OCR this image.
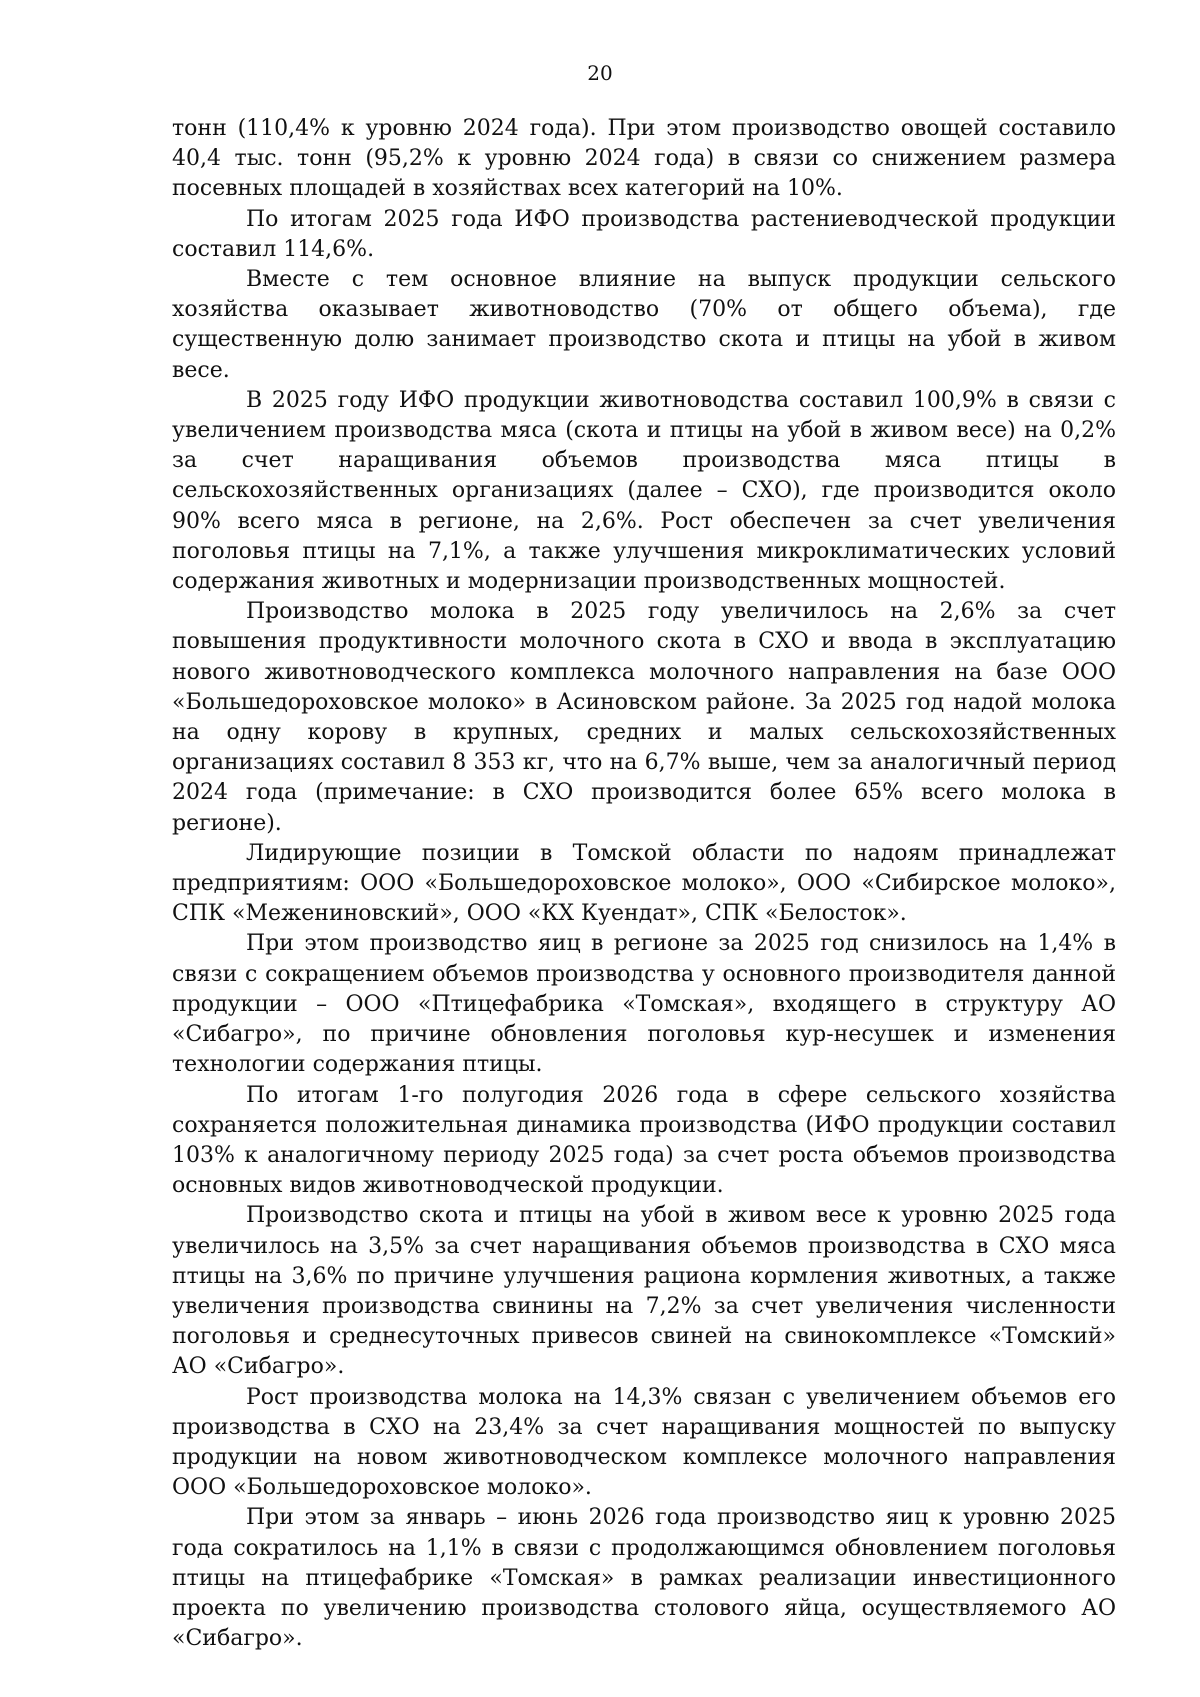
20

тонн (110,4% к уровню 2024 года). При этом производство овощей составило 40,4 тыс. тонн (95,2% к уровню 2024 года) в связи со снижением размера посевных площадей в хозяйствах всех категорий на 10%.

По итогам 2025 года ИФО производства растениеводческой продукции составил 114,6%.

Вместе с тем основное влияние на выпуск продукции сельского хозяйства оказывает животноводство (70% от общего объема), где существенную долю занимает производство скота и птицы на убой в живом весе.

В 2025 году ИФО продукции животноводства составил 100,9% в связи с увеличением производства мяса (скота и птицы на убой в живом весе) на 0,2% за счет наращивания объемов производства мяса птицы в сельскохозяйственных организациях (далее – СХО), где производится около 90% всего мяса в регионе, на 2,6%. Рост обеспечен за счет увеличения поголовья птицы на 7,1%, а также улучшения микроклиматических условий содержания животных и модернизации производственных мощностей.

Производство молока в 2025 году увеличилось на 2,6% за счет повышения продуктивности молочного скота в СХО и ввода в эксплуатацию нового животноводческого комплекса молочного направления на базе ООО «Большедороховское молоко» в Асиновском районе. За 2025 год надой молока на одну корову в крупных, средних и малых сельскохозяйственных организациях составил 8 353 кг, что на 6,7% выше, чем за аналогичный период 2024 года (примечание: в СХО производится более 65% всего молока в регионе).

Лидирующие позиции в Томской области по надоям принадлежат предприятиям: ООО «Большедороховское молоко», ООО «Сибирское молоко», СПК «Межениновский», ООО «КХ Куендат», СПК «Белосток».

При этом производство яиц в регионе за 2025 год снизилось на 1,4% в связи с сокращением объемов производства у основного производителя данной продукции – ООО «Птицефабрика «Томская», входящего в структуру АО «Сибагро», по причине обновления поголовья кур-несушек и изменения технологии содержания птицы.

По итогам 1-го полугодия 2026 года в сфере сельского хозяйства сохраняется положительная динамика производства (ИФО продукции составил 103% к аналогичному периоду 2025 года) за счет роста объемов производства основных видов животноводческой продукции.

Производство скота и птицы на убой в живом весе к уровню 2025 года увеличилось на 3,5% за счет наращивания объемов производства в СХО мяса птицы на 3,6% по причине улучшения рациона кормления животных, а также увеличения производства свинины на 7,2% за счет увеличения численности поголовья и среднесуточных привесов свиней на свинокомплексе «Томский» АО «Сибагро».

Рост производства молока на 14,3% связан с увеличением объемов его производства в СХО на 23,4% за счет наращивания мощностей по выпуску продукции на новом животноводческом комплексе молочного направления ООО «Большедороховское молоко».

При этом за январь – июнь 2026 года производство яиц к уровню 2025 года сократилось на 1,1% в связи с продолжающимся обновлением поголовья птицы на птицефабрике «Томская» в рамках реализации инвестиционного проекта по увеличению производства столового яйца, осуществляемого АО «Сибагро».
